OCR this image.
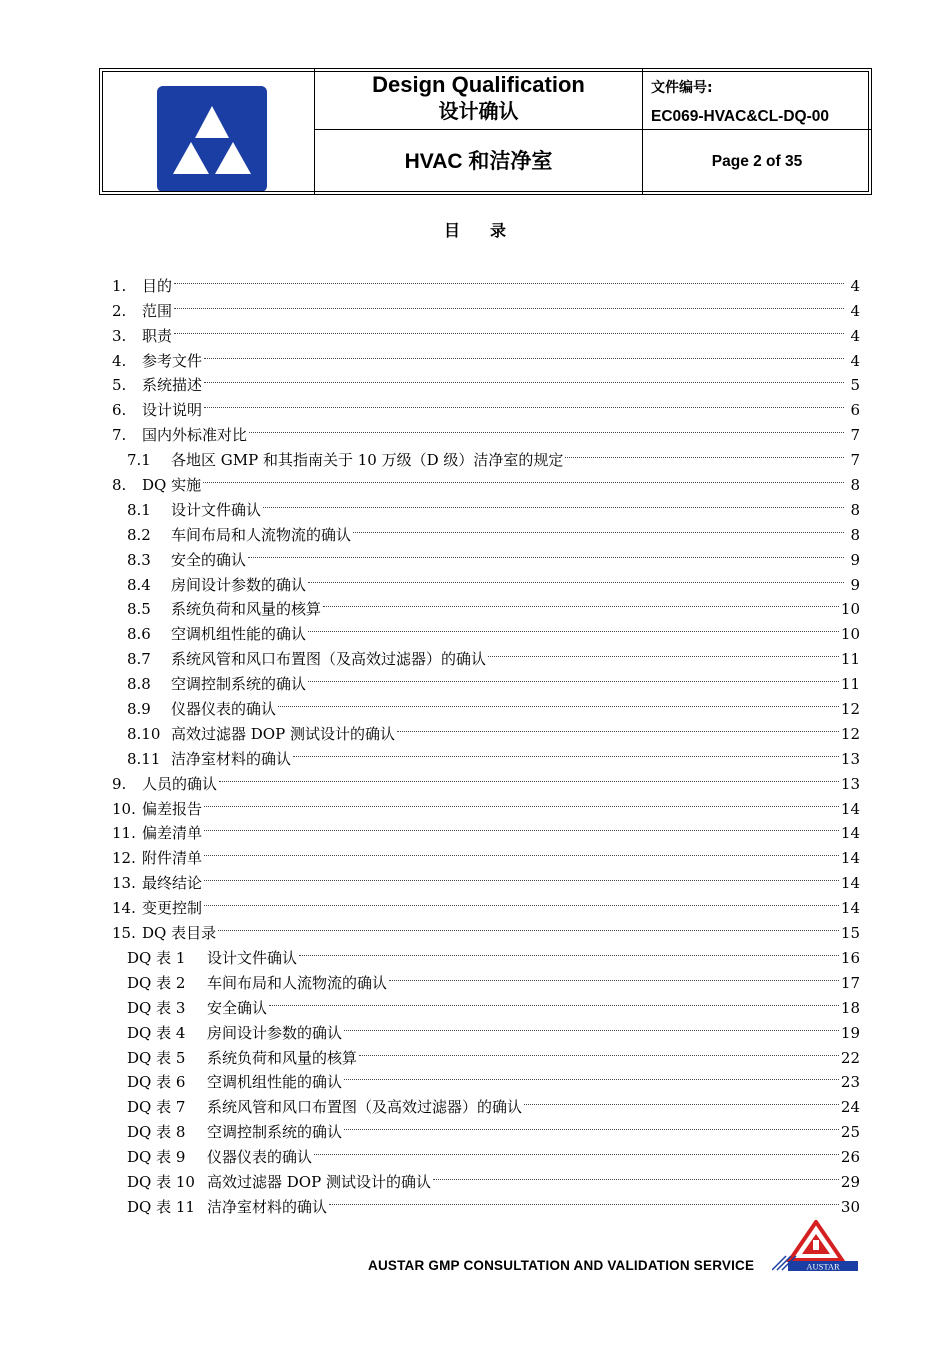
Design Qualification
设计确认
HVAC 和洁净室
文件编号:
EC069-HVAC&CL-DQ-00
Page 2 of 35
目录
1.	目的	4
2.	范围	4
3.	职责	4
4.	参考文件	4
5.	系统描述	5
6.	设计说明	6
7.	国内外标准对比	7
7.1	各地区 GMP 和其指南关于 10 万级（D 级）洁净室的规定	7
8.	DQ 实施	8
8.1	设计文件确认	8
8.2	车间布局和人流物流的确认	8
8.3	安全的确认	9
8.4	房间设计参数的确认	9
8.5	系统负荷和风量的核算	10
8.6	空调机组性能的确认	10
8.7	系统风管和风口布置图（及高效过滤器）的确认	11
8.8	空调控制系统的确认	11
8.9	仪器仪表的确认	12
8.10 高效过滤器 DOP 测试设计的确认	12
8.11 洁净室材料的确认	13
9.	人员的确认	13
10. 偏差报告	14
11. 偏差清单	14
12. 附件清单	14
13. 最终结论	14
14. 变更控制	14
15. DQ 表目录	15
DQ 表 1	设计文件确认	16
DQ 表 2	车间布局和人流物流的确认	17
DQ 表 3	安全确认	18
DQ 表 4	房间设计参数的确认	19
DQ 表 5	系统负荷和风量的核算	22
DQ 表 6	空调机组性能的确认	23
DQ 表 7	系统风管和风口布置图（及高效过滤器）的确认	24
DQ 表 8	空调控制系统的确认	25
DQ 表 9	仪器仪表的确认	26
DQ 表 10 高效过滤器 DOP 测试设计的确认	29
DQ 表 11 洁净室材料的确认	30
AUSTAR GMP CONSULTATION AND VALIDATION SERVICE	AUSTAR
